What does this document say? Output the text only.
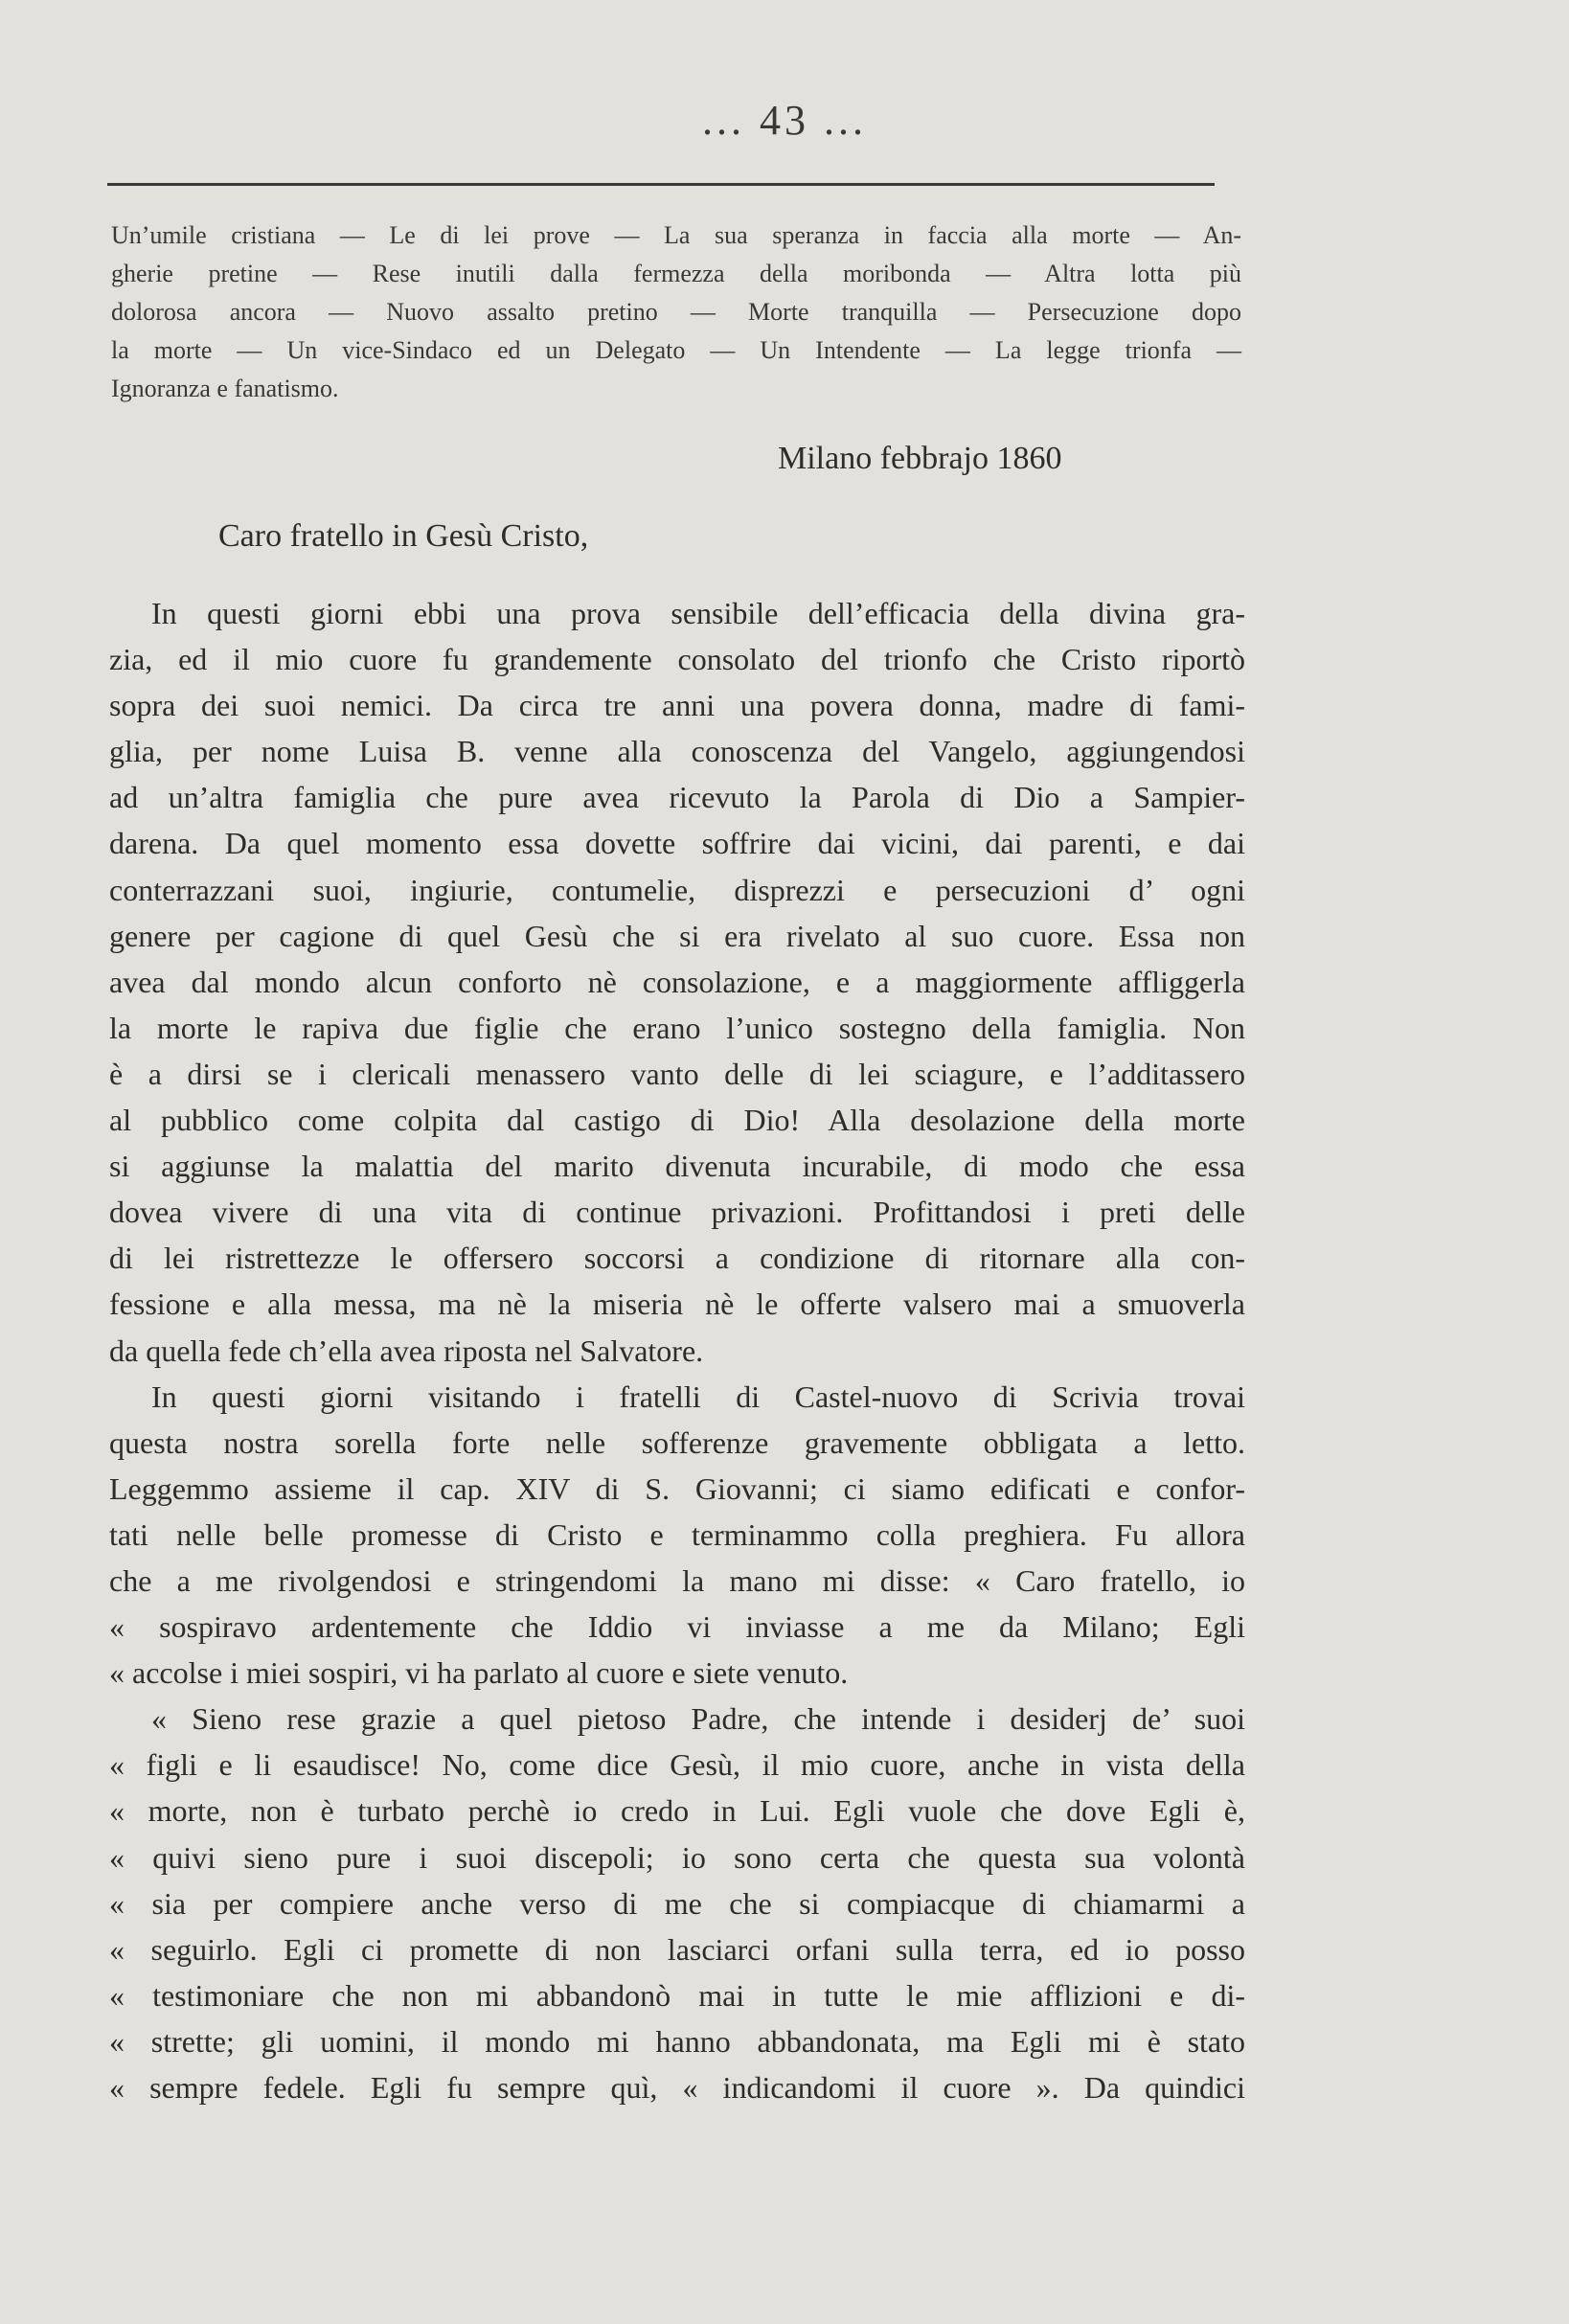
... 43 ...
Un’umile cristiana — Le di lei prove — La sua speranza in faccia alla morte — An-
gherie pretine — Rese inutili dalla fermezza della moribonda — Altra lotta più
dolorosa ancora — Nuovo assalto pretino — Morte tranquilla — Persecuzione dopo
la morte — Un vice-Sindaco ed un Delegato — Un Intendente — La legge trionfa —
Ignoranza e fanatismo.
Milano febbrajo 1860
Caro fratello in Gesù Cristo,
In questi giorni ebbi una prova sensibile dell’efficacia della divina gra-
zia, ed il mio cuore fu grandemente consolato del trionfo che Cristo riportò
sopra dei suoi nemici. Da circa tre anni una povera donna, madre di fami-
glia, per nome Luisa B. venne alla conoscenza del Vangelo, aggiungendosi
ad un’altra famiglia che pure avea ricevuto la Parola di Dio a Sampier-
darena. Da quel momento essa dovette soffrire dai vicini, dai parenti, e dai
conterrazzani suoi, ingiurie, contumelie, disprezzi e persecuzioni d’ ogni
genere per cagione di quel Gesù che si era rivelato al suo cuore. Essa non
avea dal mondo alcun conforto nè consolazione, e a maggiormente affliggerla
la morte le rapiva due figlie che erano l’unico sostegno della famiglia. Non
è a dirsi se i clericali menassero vanto delle di lei sciagure, e l’additassero
al pubblico come colpita dal castigo di Dio! Alla desolazione della morte
si aggiunse la malattia del marito divenuta incurabile, di modo che essa
dovea vivere di una vita di continue privazioni. Profittandosi i preti delle
di lei ristrettezze le offersero soccorsi a condizione di ritornare alla con-
fessione e alla messa, ma nè la miseria nè le offerte valsero mai a smuoverla
da quella fede ch’ella avea riposta nel Salvatore.
In questi giorni visitando i fratelli di Castel-nuovo di Scrivia trovai
questa nostra sorella forte nelle sofferenze gravemente obbligata a letto.
Leggemmo assieme il cap. XIV di S. Giovanni; ci siamo edificati e confor-
tati nelle belle promesse di Cristo e terminammo colla preghiera. Fu allora
che a me rivolgendosi e stringendomi la mano mi disse: « Caro fratello, io
« sospiravo ardentemente che Iddio vi inviasse a me da Milano; Egli
« accolse i miei sospiri, vi ha parlato al cuore e siete venuto.
« Sieno rese grazie a quel pietoso Padre, che intende i desiderj de’ suoi
« figli e li esaudisce! No, come dice Gesù, il mio cuore, anche in vista della
« morte, non è turbato perchè io credo in Lui. Egli vuole che dove Egli è,
« quivi sieno pure i suoi discepoli; io sono certa che questa sua volontà
« sia per compiere anche verso di me che si compiacque di chiamarmi a
« seguirlo. Egli ci promette di non lasciarci orfani sulla terra, ed io posso
« testimoniare che non mi abbandonò mai in tutte le mie afflizioni e di-
« strette; gli uomini, il mondo mi hanno abbandonata, ma Egli mi è stato
« sempre fedele. Egli fu sempre quì, « indicandomi il cuore ». Da quindici
